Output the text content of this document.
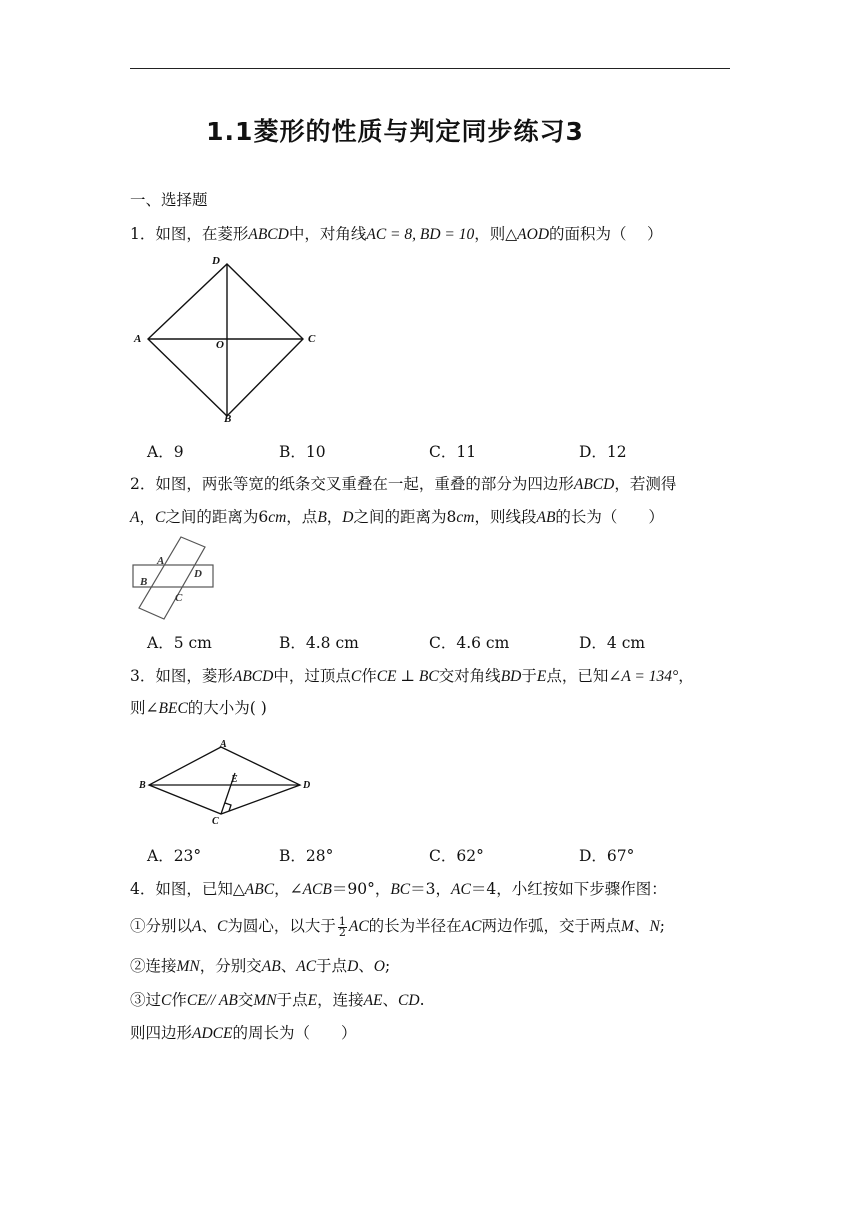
1.1菱形的性质与判定同步练习3
一、选择题
1．如图，在菱形ABCD中，对角线AC = 8, BD = 10，则△AOD的面积为（　 ）
D
A	C
O
B
A．9	B．10	C．11	D．12
2．如图，两张等宽的纸条交叉重叠在一起，重叠的部分为四边形ABCD，若测得
A，C之间的距离为6cm，点B，D之间的距离为8cm，则线段AB的长为（　　）
A
B
D
C
A．5 cm	B．4.8 cm	C．4.6 cm	D．4 cm
3．如图，菱形ABCD中，过顶点C作CE ⊥ BC交对角线BD于E点，已知∠A = 134°，
则∠BEC的大小为( )
A
B
E
D
C
A．23°	B．28°	C．62°	D．67°
4．如图，已知△ABC，∠ACB＝90°，BC＝3，AC＝4，小红按如下步骤作图：
①分别以A、C为圆心，以大于 $\frac{1}{2}$ AC的长为半径在AC两边作弧，交于两点M、N;
②连接MN，分别交AB、AC于点D、O;
③过C作CE// AB交MN于点E，连接AE、CD.
则四边形ADCE的周长为（　　）
